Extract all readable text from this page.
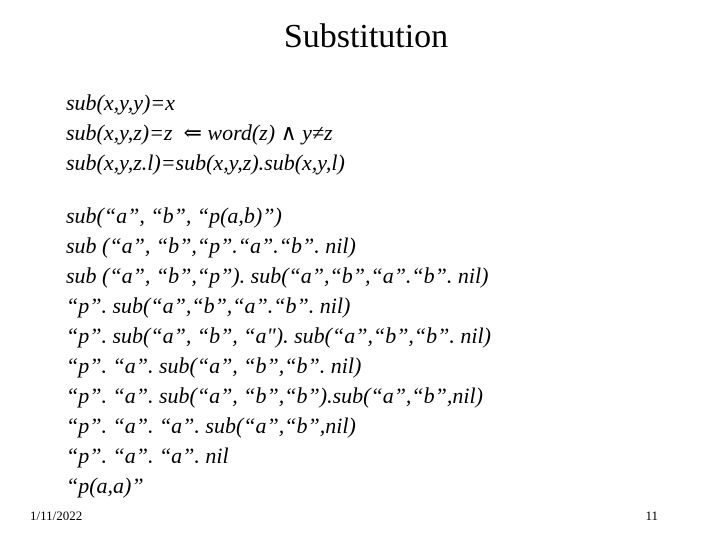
Substitution
sub(x,y,y)=x
sub(x,y,z)=z  ⇐ word(z) ∧ y≠z
sub(x,y,z.l)=sub(x,y,z).sub(x,y,l)
sub(“a”, “b”, “p(a,b)”)
sub (“a”, “b”,“p”.“a”.“b”. nil)
sub (“a”, “b”,“p”). sub(“a”,“b”,“a”.“b”. nil)
“p”. sub(“a”,“b”,“a”.“b”. nil)
“p”. sub(“a”, “b”, “a"). sub(“a”,“b”,“b”. nil)
“p”. “a”. sub(“a”, “b”,“b”. nil)
“p”. “a”. sub(“a”, “b”,“b”).sub(“a”,“b”,nil)
“p”. “a”. “a”. sub(“a”,“b”,nil)
“p”. “a”. “a”. nil
“p(a,a)”
1/11/2022	11
